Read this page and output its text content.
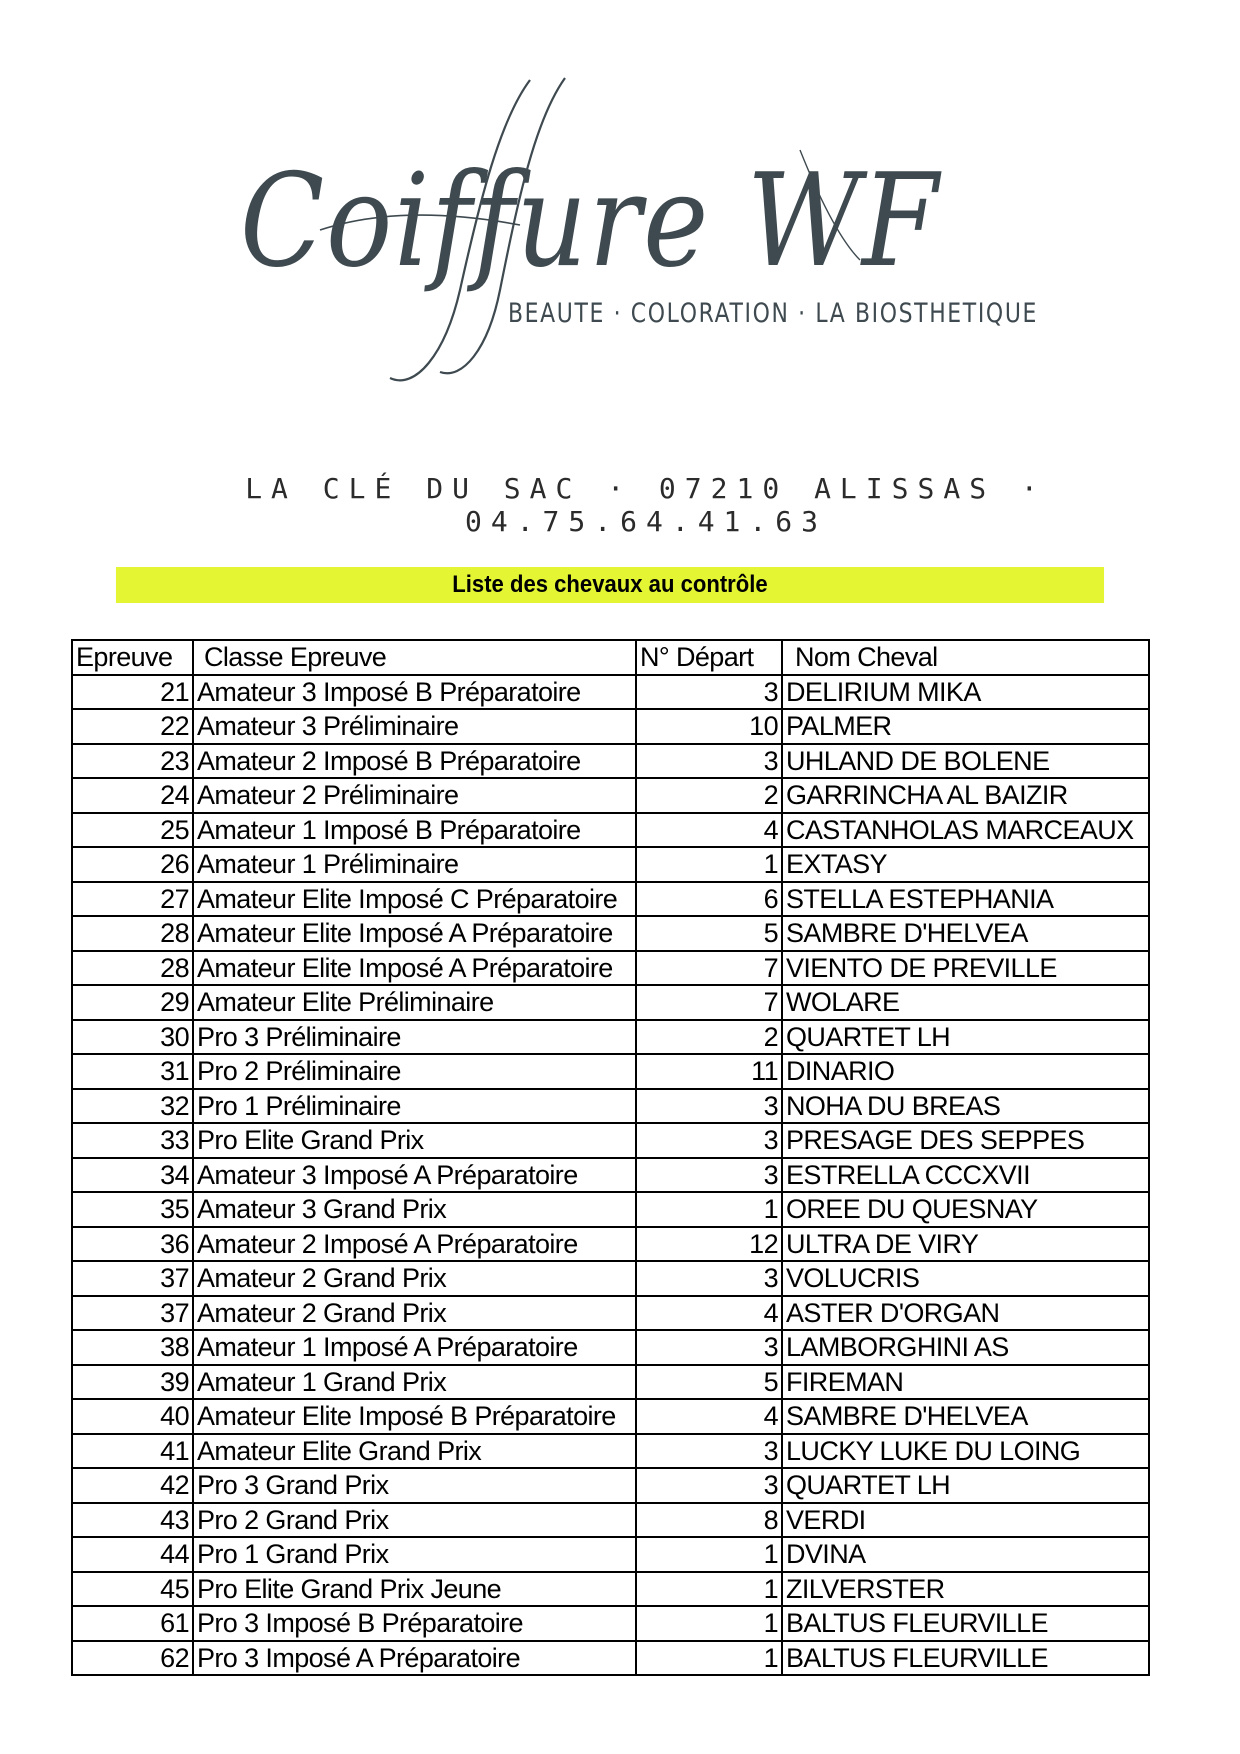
Coiffure WF
BEAUTE · COLORATION · LA BIOSTHETIQUE
LA CLÉ DU SAC · 07210 ALISSAS · 04.75.64.41.63
Liste des chevaux au contrôle
Epreuve	Classe Epreuve	N° Départ	Nom Cheval
21	Amateur 3 Imposé B Préparatoire	3	DELIRIUM MIKA
22	Amateur 3 Préliminaire	10	PALMER
23	Amateur 2 Imposé B Préparatoire	3	UHLAND DE BOLENE
24	Amateur 2 Préliminaire	2	GARRINCHA AL BAIZIR
25	Amateur 1 Imposé B Préparatoire	4	CASTANHOLAS MARCEAUX
26	Amateur 1 Préliminaire	1	EXTASY
27	Amateur Elite Imposé C Préparatoire	6	STELLA ESTEPHANIA
28	Amateur Elite Imposé A Préparatoire	5	SAMBRE D'HELVEA
28	Amateur Elite Imposé A Préparatoire	7	VIENTO DE PREVILLE
29	Amateur Elite Préliminaire	7	WOLARE
30	Pro 3 Préliminaire	2	QUARTET LH
31	Pro 2 Préliminaire	11	DINARIO
32	Pro 1 Préliminaire	3	NOHA DU BREAS
33	Pro Elite Grand Prix	3	PRESAGE DES SEPPES
34	Amateur 3 Imposé A Préparatoire	3	ESTRELLA CCCXVII
35	Amateur 3 Grand Prix	1	OREE DU QUESNAY
36	Amateur 2 Imposé A Préparatoire	12	ULTRA DE VIRY
37	Amateur 2 Grand Prix	3	VOLUCRIS
37	Amateur 2 Grand Prix	4	ASTER D'ORGAN
38	Amateur 1 Imposé A Préparatoire	3	LAMBORGHINI AS
39	Amateur 1 Grand Prix	5	FIREMAN
40	Amateur Elite Imposé B Préparatoire	4	SAMBRE D'HELVEA
41	Amateur Elite Grand Prix	3	LUCKY LUKE DU LOING
42	Pro 3 Grand Prix	3	QUARTET LH
43	Pro 2 Grand Prix	8	VERDI
44	Pro 1 Grand Prix	1	DVINA
45	Pro Elite Grand Prix Jeune	1	ZILVERSTER
61	Pro 3 Imposé B Préparatoire	1	BALTUS FLEURVILLE
62	Pro 3 Imposé A Préparatoire	1	BALTUS FLEURVILLE
